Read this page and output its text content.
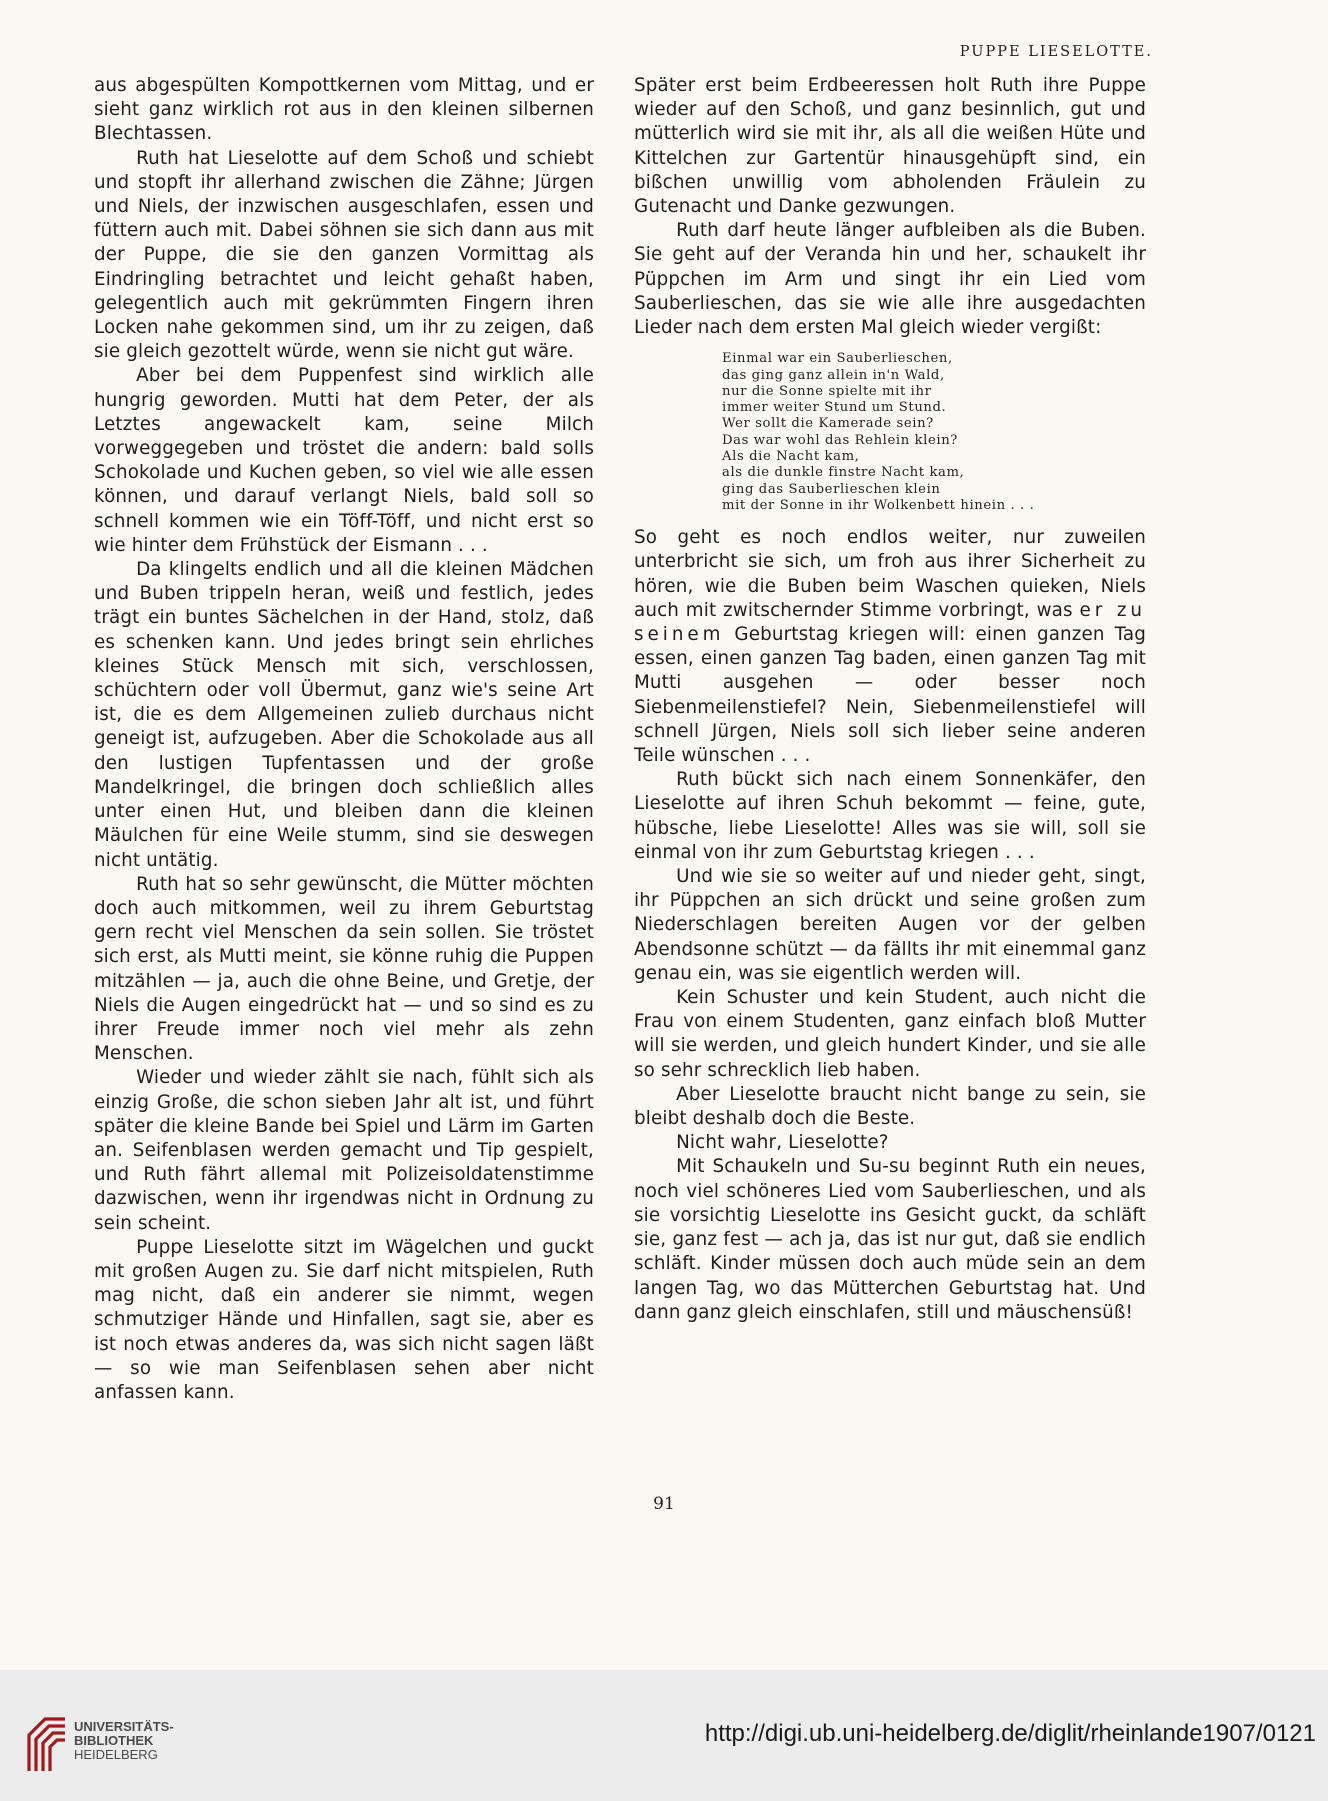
PUPPE LIESELOTTE.

aus abgespülten Kompottkernen vom Mittag, und er sieht ganz wirklich rot aus in den kleinen silbernen Blechtassen.

Ruth hat Lieselotte auf dem Schoß und schiebt und stopft ihr allerhand zwischen die Zähne; Jürgen und Niels, der inzwischen ausgeschlafen, essen und füttern auch mit. Dabei söhnen sie sich dann aus mit der Puppe, die sie den ganzen Vormittag als Eindringling betrachtet und leicht gehaßt haben, gelegentlich auch mit gekrümmten Fingern ihren Locken nahe gekommen sind, um ihr zu zeigen, daß sie gleich gezottelt würde, wenn sie nicht gut wäre.

Aber bei dem Puppenfest sind wirklich alle hungrig geworden. Mutti hat dem Peter, der als Letztes angewackelt kam, seine Milch vorweggegeben und tröstet die andern: bald solls Schokolade und Kuchen geben, so viel wie alle essen können, und darauf verlangt Niels, bald soll so schnell kommen wie ein Töff-Töff, und nicht erst so wie hinter dem Frühstück der Eismann . . .

Da klingelts endlich und all die kleinen Mädchen und Buben trippeln heran, weiß und festlich, jedes trägt ein buntes Sächelchen in der Hand, stolz, daß es schenken kann. Und jedes bringt sein ehrliches kleines Stück Mensch mit sich, verschlossen, schüchtern oder voll Übermut, ganz wie's seine Art ist, die es dem Allgemeinen zulieb durchaus nicht geneigt ist, aufzugeben. Aber die Schokolade aus all den lustigen Tupfentassen und der große Mandelkringel, die bringen doch schließlich alles unter einen Hut, und bleiben dann die kleinen Mäulchen für eine Weile stumm, sind sie deswegen nicht untätig.

Ruth hat so sehr gewünscht, die Mütter möchten doch auch mitkommen, weil zu ihrem Geburtstag gern recht viel Menschen da sein sollen. Sie tröstet sich erst, als Mutti meint, sie könne ruhig die Puppen mitzählen — ja, auch die ohne Beine, und Gretje, der Niels die Augen eingedrückt hat — und so sind es zu ihrer Freude immer noch viel mehr als zehn Menschen.

Wieder und wieder zählt sie nach, fühlt sich als einzig Große, die schon sieben Jahr alt ist, und führt später die kleine Bande bei Spiel und Lärm im Garten an. Seifenblasen werden gemacht und Tip gespielt, und Ruth fährt allemal mit Polizeisoldatenstimme dazwischen, wenn ihr irgendwas nicht in Ordnung zu sein scheint.

Puppe Lieselotte sitzt im Wägelchen und guckt mit großen Augen zu. Sie darf nicht mitspielen, Ruth mag nicht, daß ein anderer sie nimmt, wegen schmutziger Hände und Hinfallen, sagt sie, aber es ist noch etwas anderes da, was sich nicht sagen läßt — so wie man Seifenblasen sehen aber nicht anfassen kann.

Später erst beim Erdbeeressen holt Ruth ihre Puppe wieder auf den Schoß, und ganz besinnlich, gut und mütterlich wird sie mit ihr, als all die weißen Hüte und Kittelchen zur Gartentür hinausgehüpft sind, ein bißchen unwillig vom abholenden Fräulein zu Gutenacht und Danke gezwungen.

Ruth darf heute länger aufbleiben als die Buben. Sie geht auf der Veranda hin und her, schaukelt ihr Püppchen im Arm und singt ihr ein Lied vom Sauberlieschen, das sie wie alle ihre ausgedachten Lieder nach dem ersten Mal gleich wieder vergißt:

Einmal war ein Sauberlieschen,
das ging ganz allein in'n Wald,
nur die Sonne spielte mit ihr
immer weiter Stund um Stund.
Wer sollt die Kamerade sein?
Das war wohl das Rehlein klein?
Als die Nacht kam,
als die dunkle finstre Nacht kam,
ging das Sauberlieschen klein
mit der Sonne in ihr Wolkenbett hinein . . .

So geht es noch endlos weiter, nur zuweilen unterbricht sie sich, um froh aus ihrer Sicherheit zu hören, wie die Buben beim Waschen quieken, Niels auch mit zwitschernder Stimme vorbringt, was er zu seinem Geburtstag kriegen will: einen ganzen Tag essen, einen ganzen Tag baden, einen ganzen Tag mit Mutti ausgehen — oder besser noch Siebenmeilenstiefel? Nein, Siebenmeilenstiefel will schnell Jürgen, Niels soll sich lieber seine anderen Teile wünschen . . .

Ruth bückt sich nach einem Sonnenkäfer, den Lieselotte auf ihren Schuh bekommt — feine, gute, hübsche, liebe Lieselotte! Alles was sie will, soll sie einmal von ihr zum Geburtstag kriegen . . .

Und wie sie so weiter auf und nieder geht, singt, ihr Püppchen an sich drückt und seine großen zum Niederschlagen bereiten Augen vor der gelben Abendsonne schützt — da fällts ihr mit einemmal ganz genau ein, was sie eigentlich werden will.

Kein Schuster und kein Student, auch nicht die Frau von einem Studenten, ganz einfach bloß Mutter will sie werden, und gleich hundert Kinder, und sie alle so sehr schrecklich lieb haben.

Aber Lieselotte braucht nicht bange zu sein, sie bleibt deshalb doch die Beste.

Nicht wahr, Lieselotte?

Mit Schaukeln und Su-su beginnt Ruth ein neues, noch viel schöneres Lied vom Sauberlieschen, und als sie vorsichtig Lieselotte ins Gesicht guckt, da schläft sie, ganz fest — ach ja, das ist nur gut, daß sie endlich schläft. Kinder müssen doch auch müde sein an dem langen Tag, wo das Mütterchen Geburtstag hat. Und dann ganz gleich einschlafen, still und mäuschensüß!

91
UNIVERSITÄTS-
BIBLIOTHEK
HEIDELBERG
http://digi.ub.uni-heidelberg.de/diglit/rheinlande1907/0121
